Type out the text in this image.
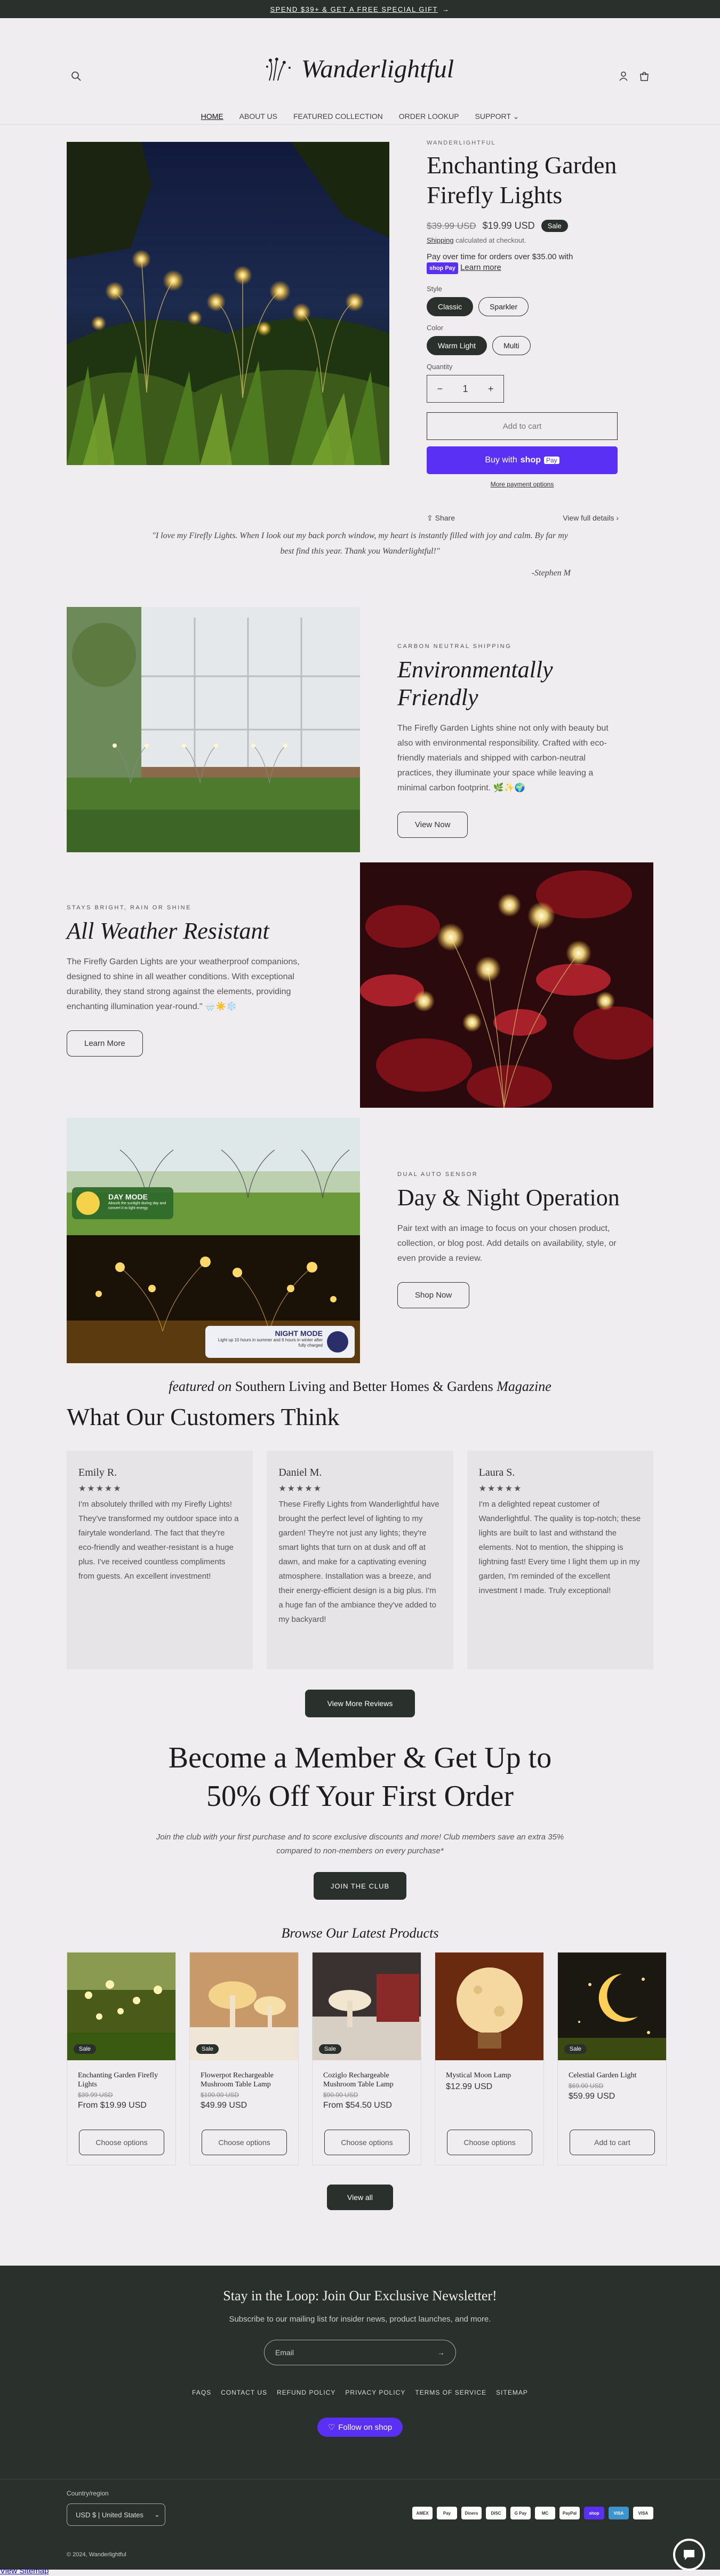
SPEND $39+ & GET A FREE SPECIAL GIFT →
Wanderlightful
HOME ABOUT US FEATURED COLLECTION ORDER LOOKUP SUPPORT ⌄
WANDERLIGHTFUL
Enchanting Garden Firefly Lights
$39.99 USD $19.99 USD	Sale
Shipping calculated at checkout.
Pay over time for orders over $35.00 with
shop Pay Learn more
Style
Classic	Sparkler
Color
Warm Light	Multi
Quantity
−	1	+
Add to cart
Buy with shop Pay
More payment options
⇪ Share	View full details ›
"I love my Firefly Lights. When I look out my back porch window, my heart is instantly filled with joy and calm. By far my best find this year. Thank you Wanderlightful!"
-Stephen M
CARBON NEUTRAL SHIPPING
Environmentally Friendly
The Firefly Garden Lights shine not only with beauty but also with environmental responsibility. Crafted with eco-friendly materials and shipped with carbon-neutral practices, they illuminate your space while leaving a minimal carbon footprint. 🌿✨🌍
View Now
STAYS BRIGHT, RAIN OR SHINE
All Weather Resistant
The Firefly Garden Lights are your weatherproof companions, designed to shine in all weather conditions. With exceptional durability, they stand strong against the elements, providing enchanting illumination year-round." 🌧️☀️❄️
Learn More
DAY MODE
Absorb the sunlight during day and convert it to light energy
NIGHT MODE
Light up 10 hours in summer and 6 hours in winter after fully charged
DUAL AUTO SENSOR
Day & Night Operation
Pair text with an image to focus on your chosen product, collection, or blog post. Add details on availability, style, or even provide a review.
Shop Now
featured on Southern Living and Better Homes & Gardens Magazine
What Our Customers Think
Emily R.
★★★★★
I'm absolutely thrilled with my Firefly Lights! They've transformed my outdoor space into a fairytale wonderland. The fact that they're eco-friendly and weather-resistant is a huge plus. I've received countless compliments from guests. An excellent investment!
Daniel M.
★★★★★
These Firefly Lights from Wanderlightful have brought the perfect level of lighting to my garden! They're not just any lights; they're smart lights that turn on at dusk and off at dawn, and make for a captivating evening atmosphere. Installation was a breeze, and their energy-efficient design is a big plus. I'm a huge fan of the ambiance they've added to my backyard!
Laura S.
★★★★★
I'm a delighted repeat customer of Wanderlightful. The quality is top-notch; these lights are built to last and withstand the elements. Not to mention, the shipping is lightning fast! Every time I light them up in my garden, I'm reminded of the excellent investment I made. Truly exceptional!
View More Reviews
Become a Member & Get Up to
50% Off Your First Order
Join the club with your first purchase and to score exclusive discounts and more! Club members save an extra 35% compared to non-members on every purchase*
JOIN THE CLUB
Browse Our Latest Products
Sale
Enchanting Garden Firefly Lights
$39.99 USD
From $19.99 USD
Choose options
Sale
Flowerpot Rechargeable Mushroom Table Lamp
$100.00 USD
$49.99 USD
Choose options
Sale
Coziglo Rechargeable Mushroom Table Lamp
$90.00 USD
From $54.50 USD
Choose options
Mystical Moon Lamp
$12.99 USD
Choose options
Sale
Celestial Garden Light
$69.00 USD
$59.99 USD
Add to cart
View all
Stay in the Loop: Join Our Exclusive Newsletter!
Subscribe to our mailing list for insider news, product launches, and more.
Email	→
FAQS CONTACT US REFUND POLICY PRIVACY POLICY TERMS OF SERVICE SITEMAP
♡ Follow on shop
Country/region
USD $ | United States ⌄	AMEX	Pay	Diners	DISC	G Pay	MC	PayPal	shop	VISA	VISA
© 2024, Wanderlightful
View Sitemap
